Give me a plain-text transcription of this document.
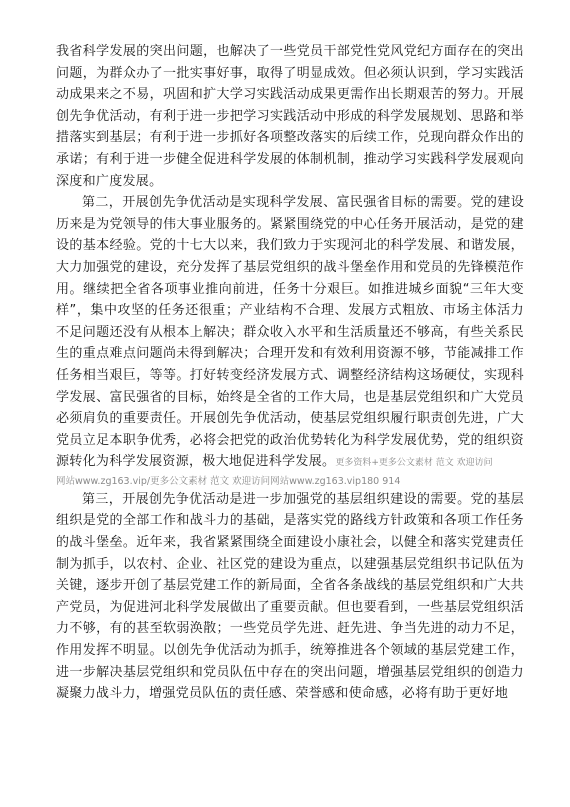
我省科学发展的突出问题，也解决了一些党员干部党性党风党纪方面存在的突出问题，为群众办了一批实事好事，取得了明显成效。但必须认识到，学习实践活动成果来之不易，巩固和扩大学习实践活动成果更需作出长期艰苦的努力。开展创先争优活动，有利于进一步把学习实践活动中形成的科学发展规划、思路和举措落实到基层；有利于进一步抓好各项整改落实的后续工作，兑现向群众作出的承诺；有利于进一步健全促进科学发展的体制机制，推动学习实践科学发展观向深度和广度发展。

第二，开展创先争优活动是实现科学发展、富民强省目标的需要。党的建设历来是为党领导的伟大事业服务的。紧紧围绕党的中心任务开展活动，是党的建设的基本经验。党的十七大以来，我们致力于实现河北的科学发展、和谐发展，大力加强党的建设，充分发挥了基层党组织的战斗堡垒作用和党员的先锋模范作用。继续把全省各项事业推向前进，任务十分艰巨。如推进城乡面貌“三年大变样”，集中攻坚的任务还很重；产业结构不合理、发展方式粗放、市场主体活力不足问题还没有从根本上解决；群众收入水平和生活质量还不够高，有些关系民生的重点难点问题尚未得到解决；合理开发和有效利用资源不够，节能减排工作任务相当艰巨，等等。打好转变经济发展方式、调整经济结构这场硬仗，实现科学发展、富民强省的目标，始终是全省的工作大局，也是基层党组织和广大党员必须肩负的重要责任。开展创先争优活动，使基层党组织履行职责创先进，广大党员立足本职争优秀，必将会把党的政治优势转化为科学发展优势，党的组织资源转化为科学发展资源，极大地促进科学发展。更多资料+更多公文素材 范文 欢迎访问

网站www.zg163.vip/更多公文素材 范文 欢迎访问网站www.zg163.vip180 914

第三，开展创先争优活动是进一步加强党的基层组织建设的需要。党的基层组织是党的全部工作和战斗力的基础，是落实党的路线方针政策和各项工作任务的战斗堡垒。近年来，我省紧紧围绕全面建设小康社会，以健全和落实党建责任制为抓手，以农村、企业、社区党的建设为重点，以建强基层党组织书记队伍为关键，逐步开创了基层党建工作的新局面，全省各条战线的基层党组织和广大共产党员，为促进河北科学发展做出了重要贡献。但也要看到，一些基层党组织活力不够，有的甚至软弱涣散；一些党员学先进、赶先进、争当先进的动力不足，作用发挥不明显。以创先争优活动为抓手，统筹推进各个领域的基层党建工作，进一步解决基层党组织和党员队伍中存在的突出问题，增强基层党组织的创造力凝聚力战斗力，增强党员队伍的责任感、荣誉感和使命感，必将有助于更好地
